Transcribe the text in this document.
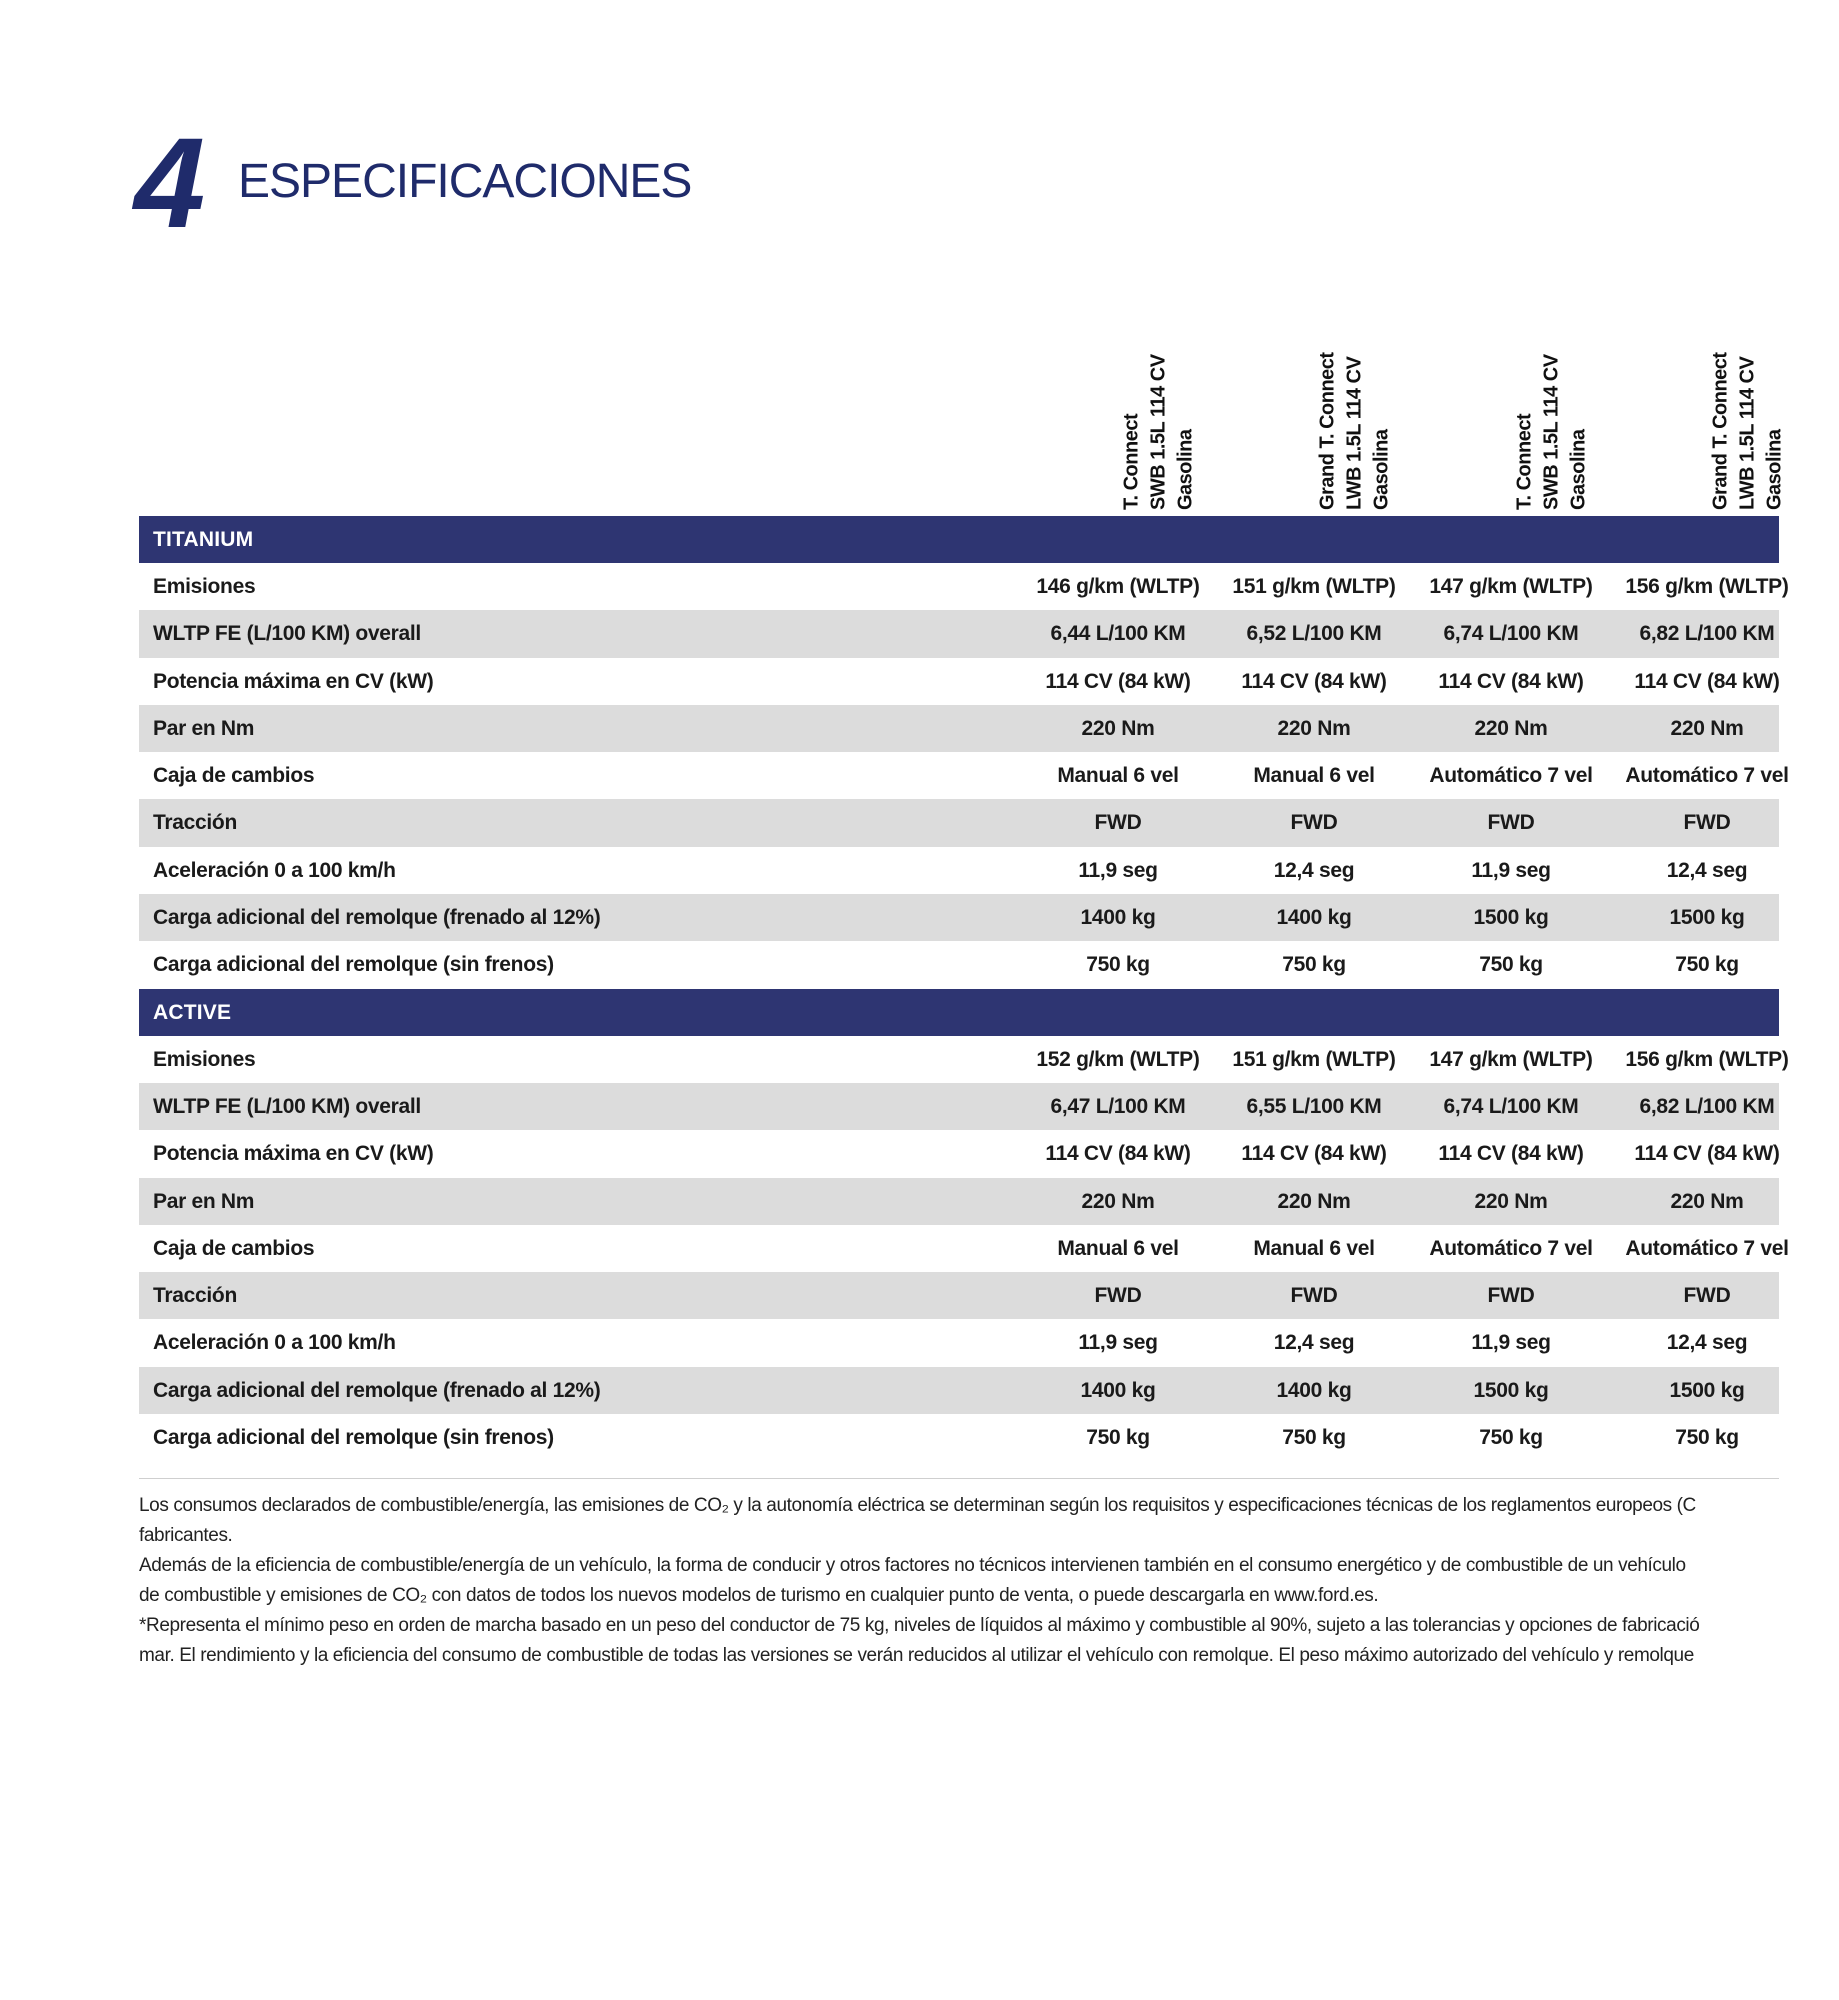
4 ESPECIFICACIONES
T. Connect SWB 1.5L 114 CV Gasolina	Grand T. Connect LWB 1.5L 114 CV Gasolina	T. Connect SWB 1.5L 114 CV Gasolina	Grand T. Connect LWB 1.5L 114 CV Gasolina
TITANIUM
Emisiones	146 g/km (WLTP)	151 g/km (WLTP)	147 g/km (WLTP)	156 g/km (WLTP)
WLTP FE (L/100 KM) overall	6,44 L/100 KM	6,52 L/100 KM	6,74 L/100 KM	6,82 L/100 KM
Potencia máxima en CV (kW)	114 CV (84 kW)	114 CV (84 kW)	114 CV (84 kW)	114 CV (84 kW)
Par en Nm	220 Nm	220 Nm	220 Nm	220 Nm
Caja de cambios	Manual 6 vel	Manual 6 vel	Automático 7 vel	Automático 7 vel
Tracción	FWD	FWD	FWD	FWD
Aceleración 0 a 100 km/h	11,9 seg	12,4 seg	11,9 seg	12,4 seg
Carga adicional del remolque (frenado al 12%)	1400 kg	1400 kg	1500 kg	1500 kg
Carga adicional del remolque (sin frenos)	750 kg	750 kg	750 kg	750 kg
ACTIVE
Emisiones	152 g/km (WLTP)	151 g/km (WLTP)	147 g/km (WLTP)	156 g/km (WLTP)
WLTP FE (L/100 KM) overall	6,47 L/100 KM	6,55 L/100 KM	6,74 L/100 KM	6,82 L/100 KM
Potencia máxima en CV (kW)	114 CV (84 kW)	114 CV (84 kW)	114 CV (84 kW)	114 CV (84 kW)
Par en Nm	220 Nm	220 Nm	220 Nm	220 Nm
Caja de cambios	Manual 6 vel	Manual 6 vel	Automático 7 vel	Automático 7 vel
Tracción	FWD	FWD	FWD	FWD
Aceleración 0 a 100 km/h	11,9 seg	12,4 seg	11,9 seg	12,4 seg
Carga adicional del remolque (frenado al 12%)	1400 kg	1400 kg	1500 kg	1500 kg
Carga adicional del remolque (sin frenos)	750 kg	750 kg	750 kg	750 kg

Los consumos declarados de combustible/energía, las emisiones de CO₂ y la autonomía eléctrica se determinan según los requisitos y especificaciones técnicas de los reglamentos europeos (C

fabricantes.

Además de la eficiencia de combustible/energía de un vehículo, la forma de conducir y otros factores no técnicos intervienen también en el consumo energético y de combustible de un vehículo

de combustible y emisiones de CO₂ con datos de todos los nuevos modelos de turismo en cualquier punto de venta, o puede descargarla en www.ford.es.

*Representa el mínimo peso en orden de marcha basado en un peso del conductor de 75 kg, niveles de líquidos al máximo y combustible al 90%, sujeto a las tolerancias y opciones de fabricació

mar. El rendimiento y la eficiencia del consumo de combustible de todas las versiones se verán reducidos al utilizar el vehículo con remolque. El peso máximo autorizado del vehículo y remolque
